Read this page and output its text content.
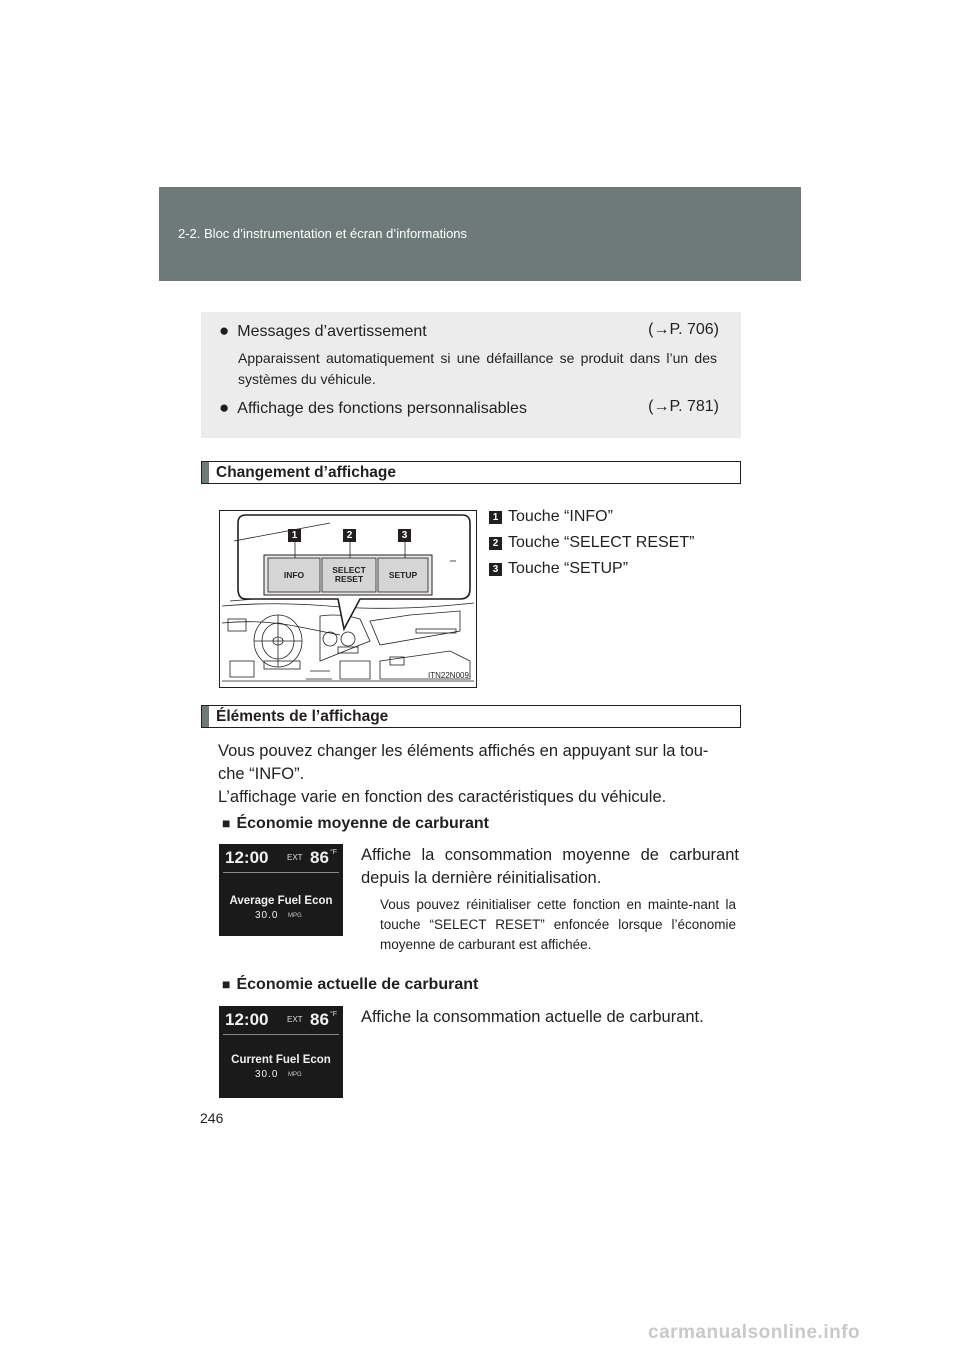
2-2. Bloc d’instrumentation et écran d’informations
246
● Messages d’avertissement	(→P. 706)
Apparaissent automatiquement si une défaillance se produit dans l’un des systèmes du véhicule.
● Affichage des fonctions personnalisables	(→P. 781)
Changement d’affichage
1	2	3
INFO	SELECT
RESET	SETUP
ITN22N009
1 Touche “INFO”
2 Touche “SELECT RESET”
3 Touche “SETUP”
Éléments de l’affichage
Vous pouvez changer les éléments affichés en appuyant sur la tou-
che “INFO”.
L’affichage varie en fonction des caractéristiques du véhicule.
■ Économie moyenne de carburant
12:00 EXT 86 °F
Average Fuel Econ
30.0 MPG
Affiche la consommation moyenne de carburant depuis la dernière réinitialisation.
Vous pouvez réinitialiser cette fonction en mainte-nant la touche “SELECT RESET” enfoncée lorsque l’économie moyenne de carburant est affichée.
■ Économie actuelle de carburant
12:00 EXT 86 °F
Current Fuel Econ
30.0 MPG
Affiche la consommation actuelle de carburant.
carmanualsonline.info
